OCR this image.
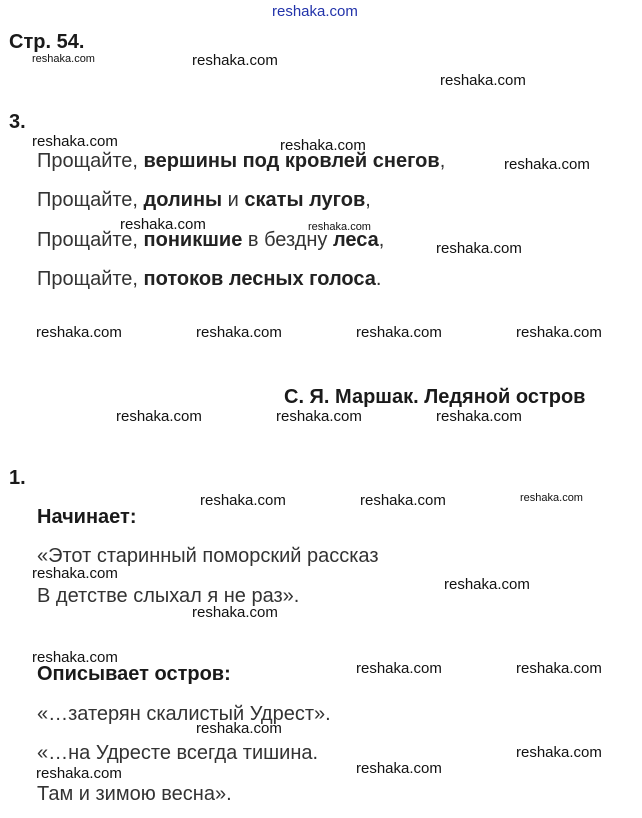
reshaka.com
Стр. 54.
3.
Прощайте, вершины под кровлей снегов,
Прощайте, долины и скаты лугов,
Прощайте, поникшие в бездну леса,
Прощайте, потоков лесных голоса.
С. Я. Маршак. Ледяной остров
1.
Начинает:
«Этот старинный поморский рассказ
В детстве слыхал я не раз».
Описывает остров:
«…затерян скалистый Удрест».
«…на Удресте всегда тишина.
Там и зимою весна».
reshaka.com	reshaka.com
reshaka.com
reshaka.com	reshaka.com
reshaka.com
reshaka.com	reshaka.com
reshaka.com
reshaka.com	reshaka.com	reshaka.com	reshaka.com
reshaka.com	reshaka.com	reshaka.com
reshaka.com	reshaka.com	reshaka.com
reshaka.com
reshaka.com
reshaka.com
reshaka.com
reshaka.com	reshaka.com
reshaka.com
reshaka.com
reshaka.com	reshaka.com
